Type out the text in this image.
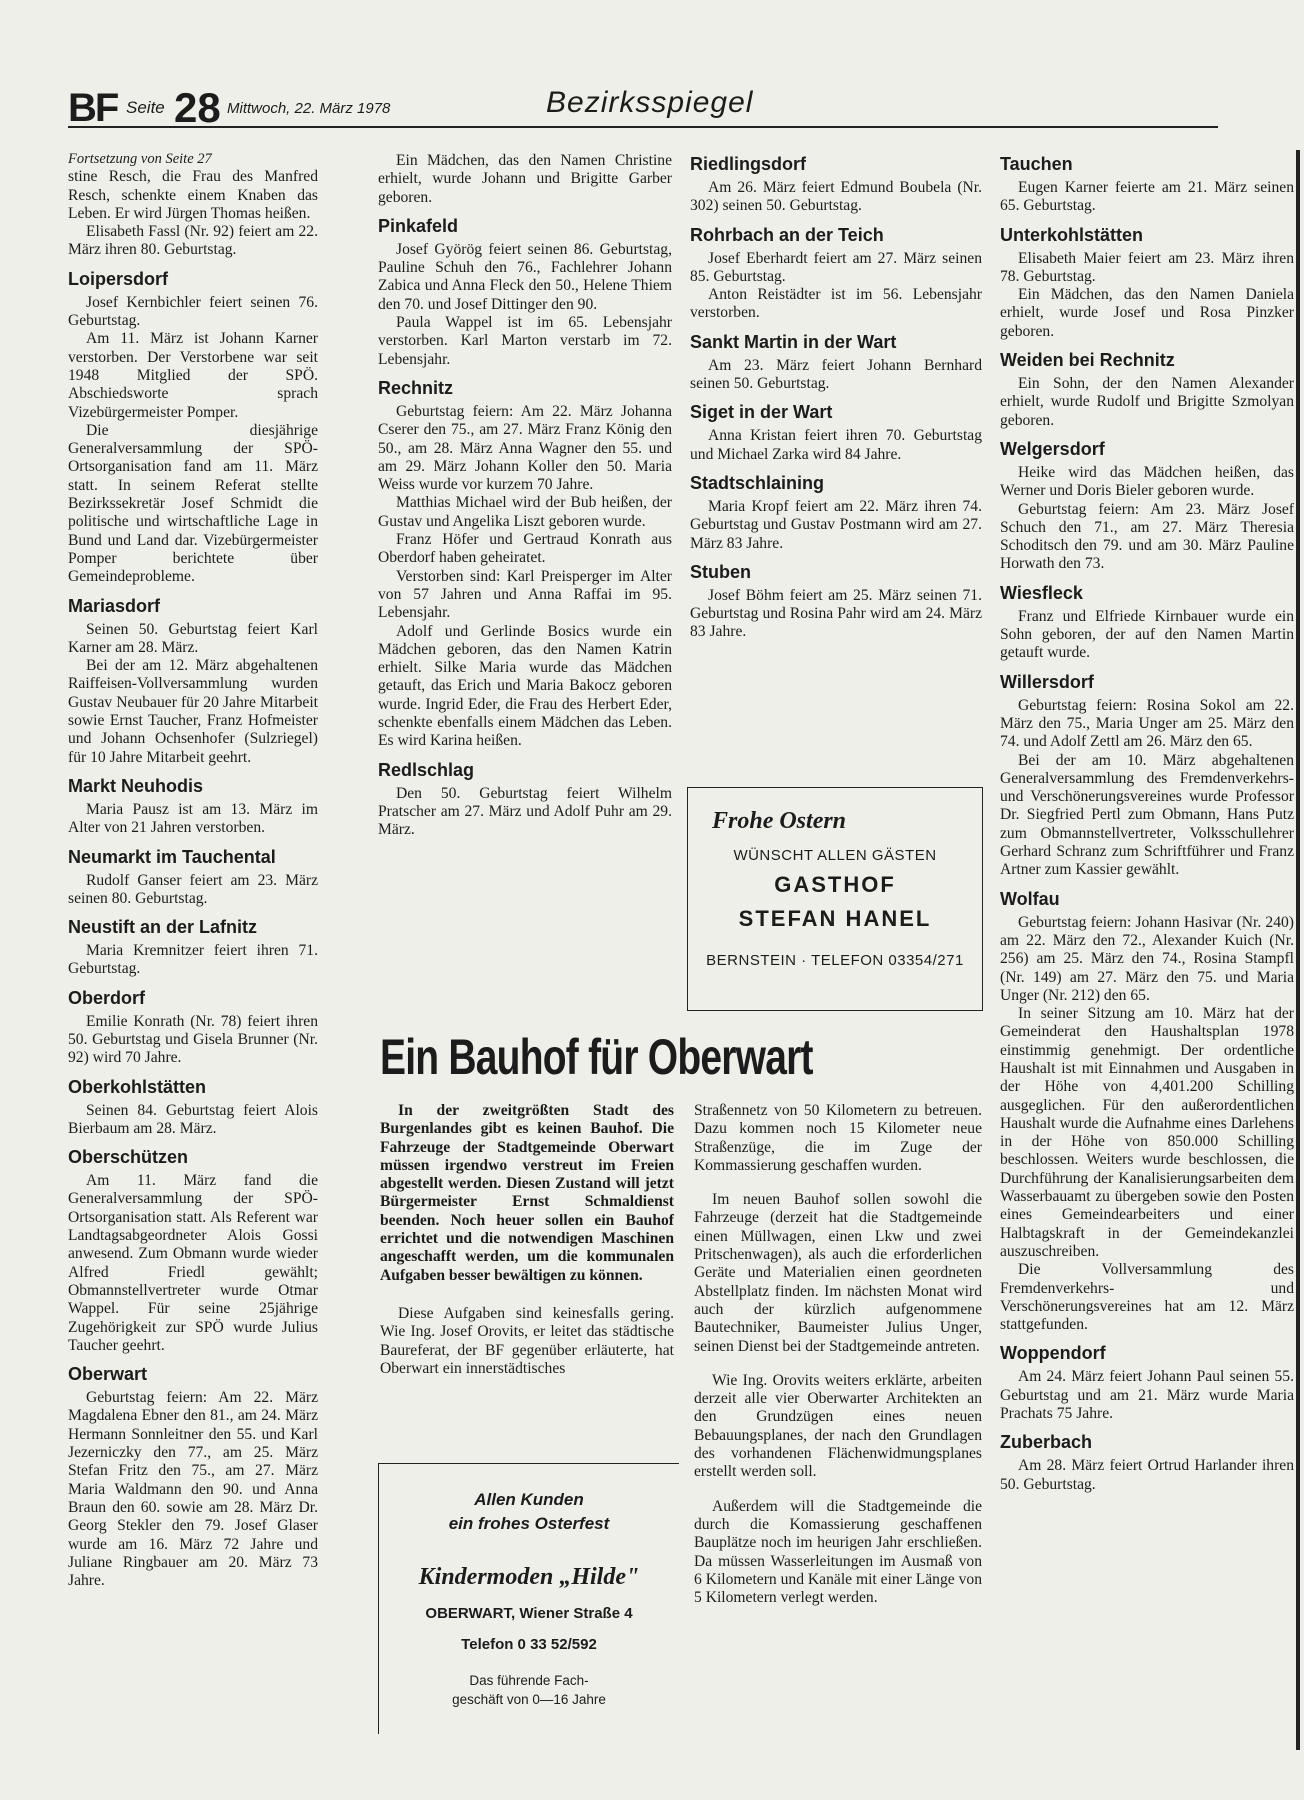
BF Seite 28 Mittwoch, 22. März 1978	Bezirksspiegel

Fortsetzung von Seite 27

stine Resch, die Frau des Manfred Resch, schenkte einem Knaben das Leben. Er wird Jürgen Thomas heißen.

Elisabeth Fassl (Nr. 92) feiert am 22. März ihren 80. Geburtstag.

Loipersdorf

Josef Kernbichler feiert seinen 76. Geburtstag.

Am 11. März ist Johann Karner verstorben. Der Verstorbene war seit 1948 Mitglied der SPÖ. Abschiedsworte sprach Vizebürgermeister Pomper.

Die diesjährige Generalversammlung der SPÖ-Ortsorganisation fand am 11. März statt. In seinem Referat stellte Bezirkssekretär Josef Schmidt die politische und wirtschaftliche Lage in Bund und Land dar. Vizebürgermeister Pomper berichtete über Gemeindeprobleme.

Mariasdorf

Seinen 50. Geburtstag feiert Karl Karner am 28. März.

Bei der am 12. März abgehaltenen Raiffeisen-Vollversammlung wurden Gustav Neubauer für 20 Jahre Mitarbeit sowie Ernst Taucher, Franz Hofmeister und Johann Ochsenhofer (Sulzriegel) für 10 Jahre Mitarbeit geehrt.

Markt Neuhodis

Maria Pausz ist am 13. März im Alter von 21 Jahren verstorben.

Neumarkt im Tauchental

Rudolf Ganser feiert am 23. März seinen 80. Geburtstag.

Neustift an der Lafnitz

Maria Kremnitzer feiert ihren 71. Geburtstag.

Oberdorf

Emilie Konrath (Nr. 78) feiert ihren 50. Geburtstag und Gisela Brunner (Nr. 92) wird 70 Jahre.

Oberkohlstätten

Seinen 84. Geburtstag feiert Alois Bierbaum am 28. März.

Oberschützen

Am 11. März fand die Generalversammlung der SPÖ-Ortsorganisation statt. Als Referent war Landtagsabgeordneter Alois Gossi anwesend. Zum Obmann wurde wieder Alfred Friedl gewählt; Obmannstellvertreter wurde Otmar Wappel. Für seine 25jährige Zugehörigkeit zur SPÖ wurde Julius Taucher geehrt.

Oberwart

Geburtstag feiern: Am 22. März Magdalena Ebner den 81., am 24. März Hermann Sonnleitner den 55. und Karl Jezerniczky den 77., am 25. März Stefan Fritz den 75., am 27. März Maria Waldmann den 90. und Anna Braun den 60. sowie am 28. März Dr. Georg Stekler den 79. Josef Glaser wurde am 16. März 72 Jahre und Juliane Ringbauer am 20. März 73 Jahre.

Ein Mädchen, das den Namen Christine erhielt, wurde Johann und Brigitte Garber geboren.

Pinkafeld

Josef Györög feiert seinen 86. Geburtstag, Pauline Schuh den 76., Fachlehrer Johann Zabica und Anna Fleck den 50., Helene Thiem den 70. und Josef Dittinger den 90.

Paula Wappel ist im 65. Lebensjahr verstorben. Karl Marton verstarb im 72. Lebensjahr.

Rechnitz

Geburtstag feiern: Am 22. März Johanna Cserer den 75., am 27. März Franz König den 50., am 28. März Anna Wagner den 55. und am 29. März Johann Koller den 50. Maria Weiss wurde vor kurzem 70 Jahre.

Matthias Michael wird der Bub heißen, der Gustav und Angelika Liszt geboren wurde.

Franz Höfer und Gertraud Konrath aus Oberdorf haben geheiratet.

Verstorben sind: Karl Preisperger im Alter von 57 Jahren und Anna Raffai im 95. Lebensjahr.

Adolf und Gerlinde Bosics wurde ein Mädchen geboren, das den Namen Katrin erhielt. Silke Maria wurde das Mädchen getauft, das Erich und Maria Bakocz geboren wurde. Ingrid Eder, die Frau des Herbert Eder, schenkte ebenfalls einem Mädchen das Leben. Es wird Karina heißen.

Redlschlag

Den 50. Geburtstag feiert Wilhelm Pratscher am 27. März und Adolf Puhr am 29. März.

Riedlingsdorf

Am 26. März feiert Edmund Boubela (Nr. 302) seinen 50. Geburtstag.

Rohrbach an der Teich

Josef Eberhardt feiert am 27. März seinen 85. Geburtstag.

Anton Reistädter ist im 56. Lebensjahr verstorben.

Sankt Martin in der Wart

Am 23. März feiert Johann Bernhard seinen 50. Geburtstag.

Siget in der Wart

Anna Kristan feiert ihren 70. Geburtstag und Michael Zarka wird 84 Jahre.

Stadtschlaining

Maria Kropf feiert am 22. März ihren 74. Geburtstag und Gustav Postmann wird am 27. März 83 Jahre.

Stuben

Josef Böhm feiert am 25. März seinen 71. Geburtstag und Rosina Pahr wird am 24. März 83 Jahre.

Frohe Ostern
WÜNSCHT ALLEN GÄSTEN
GASTHOF
STEFAN HANEL
BERNSTEIN · TELEFON 03354/271
Tauchen

Eugen Karner feierte am 21. März seinen 65. Geburtstag.

Unterkohlstätten

Elisabeth Maier feiert am 23. März ihren 78. Geburtstag.

Ein Mädchen, das den Namen Daniela erhielt, wurde Josef und Rosa Pinzker geboren.

Weiden bei Rechnitz

Ein Sohn, der den Namen Alexander erhielt, wurde Rudolf und Brigitte Szmolyan geboren.

Welgersdorf

Heike wird das Mädchen heißen, das Werner und Doris Bieler geboren wurde.

Geburtstag feiern: Am 23. März Josef Schuch den 71., am 27. März Theresia Schoditsch den 79. und am 30. März Pauline Horwath den 73.

Wiesfleck

Franz und Elfriede Kirnbauer wurde ein Sohn geboren, der auf den Namen Martin getauft wurde.

Willersdorf

Geburtstag feiern: Rosina Sokol am 22. März den 75., Maria Unger am 25. März den 74. und Adolf Zettl am 26. März den 65.

Bei der am 10. März abgehaltenen Generalversammlung des Fremdenverkehrs- und Verschönerungsvereines wurde Professor Dr. Siegfried Pertl zum Obmann, Hans Putz zum Obmannstellvertreter, Volksschullehrer Gerhard Schranz zum Schriftführer und Franz Artner zum Kassier gewählt.

Wolfau

Geburtstag feiern: Johann Hasivar (Nr. 240) am 22. März den 72., Alexander Kuich (Nr. 256) am 25. März den 74., Rosina Stampfl (Nr. 149) am 27. März den 75. und Maria Unger (Nr. 212) den 65.

In seiner Sitzung am 10. März hat der Gemeinderat den Haushaltsplan 1978 einstimmig genehmigt. Der ordentliche Haushalt ist mit Einnahmen und Ausgaben in der Höhe von 4,401.200 Schilling ausgeglichen. Für den außerordentlichen Haushalt wurde die Aufnahme eines Darlehens in der Höhe von 850.000 Schilling beschlossen. Weiters wurde beschlossen, die Durchführung der Kanalisierungsarbeiten dem Wasserbauamt zu übergeben sowie den Posten eines Gemeindearbeiters und einer Halbtagskraft in der Gemeindekanzlei auszuschreiben.

Die Vollversammlung des Fremdenverkehrs- und Verschönerungsvereines hat am 12. März stattgefunden.

Woppendorf

Am 24. März feiert Johann Paul seinen 55. Geburtstag und am 21. März wurde Maria Prachats 75 Jahre.

Zuberbach

Am 28. März feiert Ortrud Harlander ihren 50. Geburtstag.

Ein Bauhof für Oberwart

In der zweitgrößten Stadt des Burgenlandes gibt es keinen Bauhof. Die Fahrzeuge der Stadtgemeinde Oberwart müssen irgendwo verstreut im Freien abgestellt werden. Diesen Zustand will jetzt Bürgermeister Ernst Schmaldienst beenden. Noch heuer sollen ein Bauhof errichtet und die notwendigen Maschinen angeschafft werden, um die kommunalen Aufgaben besser bewältigen zu können.

Diese Aufgaben sind keinesfalls gering. Wie Ing. Josef Orovits, er leitet das städtische Baureferat, der BF gegenüber erläuterte, hat Oberwart ein innerstädtisches

Straßennetz von 50 Kilometern zu betreuen. Dazu kommen noch 15 Kilometer neue Straßenzüge, die im Zuge der Kommassierung geschaffen wurden.

Im neuen Bauhof sollen sowohl die Fahrzeuge (derzeit hat die Stadtgemeinde einen Müllwagen, einen Lkw und zwei Pritschenwagen), als auch die erforderlichen Geräte und Materialien einen geordneten Abstellplatz finden. Im nächsten Monat wird auch der kürzlich aufgenommene Bautechniker, Baumeister Julius Unger, seinen Dienst bei der Stadtgemeinde antreten.

Wie Ing. Orovits weiters erklärte, arbeiten derzeit alle vier Oberwarter Architekten an den Grundzügen eines neuen Bebauungsplanes, der nach den Grundlagen des vorhandenen Flächenwidmungsplanes erstellt werden soll.

Außerdem will die Stadtgemeinde die durch die Komassierung geschaffenen Bauplätze noch im heurigen Jahr erschließen. Da müssen Wasserleitungen im Ausmaß von 6 Kilometern und Kanäle mit einer Länge von 5 Kilometern verlegt werden.

Allen Kunden
ein frohes Osterfest
Kindermoden „Hilde"
OBERWART, Wiener Straße 4
Telefon 0 33 52/592
Das führende Fach-
geschäft von 0—16 Jahre
